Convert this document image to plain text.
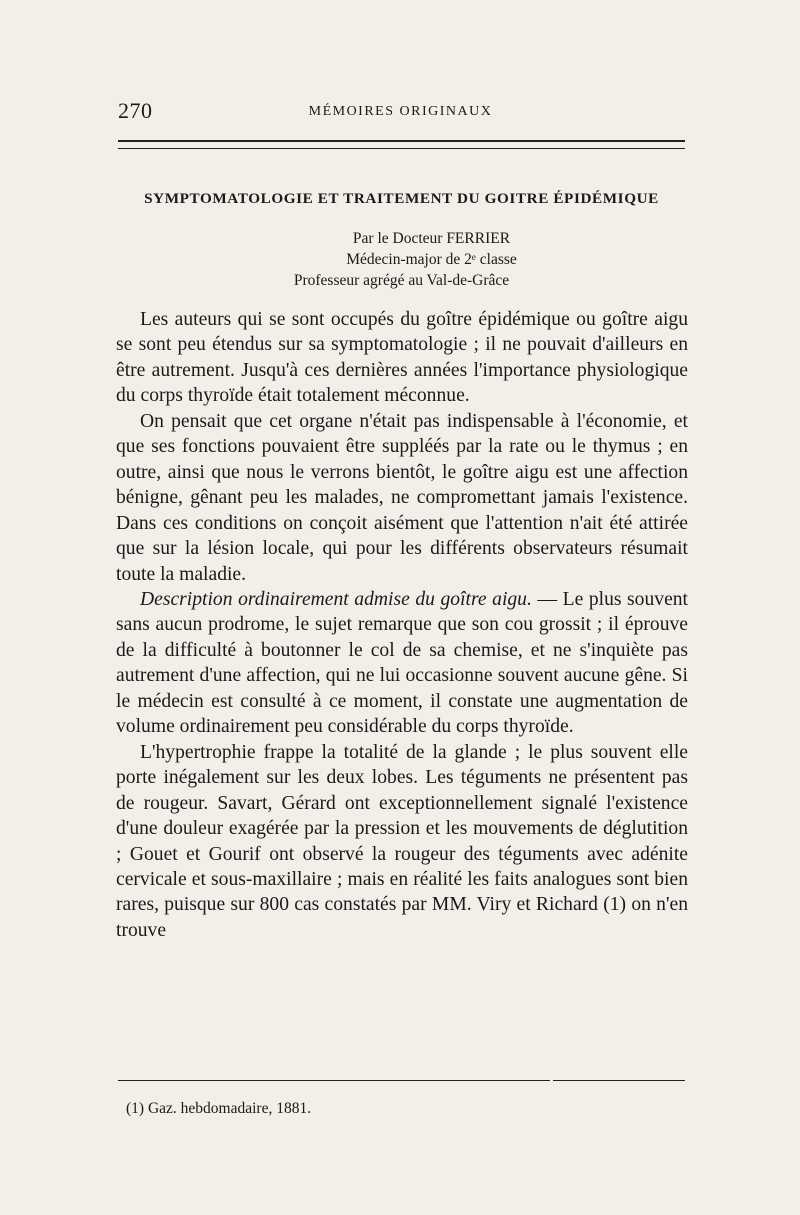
270	MÉMOIRES ORIGINAUX
SYMPTOMATOLOGIE ET TRAITEMENT DU GOITRE ÉPIDÉMIQUE
Par le Docteur FERRIER
Médecin-major de 2ᵉ classe
Professeur agrégé au Val-de-Grâce

Les auteurs qui se sont occupés du goître épidémique ou goître aigu se sont peu étendus sur sa symptomatologie ; il ne pouvait d'ailleurs en être autrement. Jusqu'à ces dernières années l'importance physiologique du corps thyroïde était totalement méconnue.

On pensait que cet organe n'était pas indispensable à l'économie, et que ses fonctions pouvaient être suppléés par la rate ou le thymus ; en outre, ainsi que nous le verrons bientôt, le goître aigu est une affection bénigne, gênant peu les malades, ne compromettant jamais l'existence. Dans ces conditions on conçoit aisément que l'attention n'ait été attirée que sur la lésion locale, qui pour les différents observateurs résumait toute la maladie.

Description ordinairement admise du goître aigu. — Le plus souvent sans aucun prodrome, le sujet remarque que son cou grossit ; il éprouve de la difficulté à boutonner le col de sa chemise, et ne s'inquiète pas autrement d'une affection, qui ne lui occasionne souvent aucune gêne. Si le médecin est consulté à ce moment, il constate une augmentation de volume ordinairement peu considérable du corps thyroïde.

L'hypertrophie frappe la totalité de la glande ; le plus souvent elle porte inégalement sur les deux lobes. Les téguments ne présentent pas de rougeur. Savart, Gérard ont exceptionnellement signalé l'existence d'une douleur exagérée par la pression et les mouvements de déglutition ; Gouet et Gourif ont observé la rougeur des téguments avec adénite cervicale et sous-maxillaire ; mais en réalité les faits analogues sont bien rares, puisque sur 800 cas constatés par MM. Viry et Richard (1) on n'en trouve

(1) Gaz. hebdomadaire, 1881.
